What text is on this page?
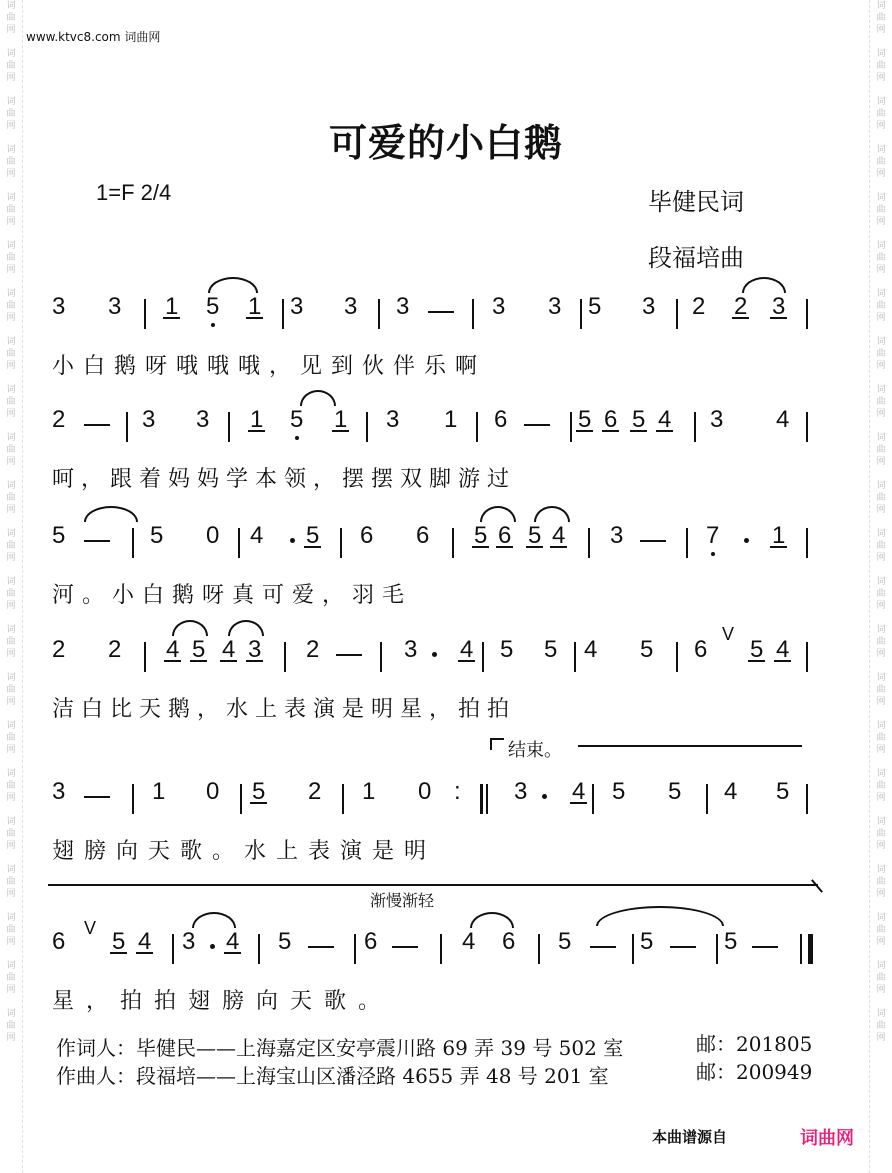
词
曲
网

词
曲
网

词
曲
网

词
曲
网

词
曲
网

词
曲
网

词
曲
网

词
曲
网

词
曲
网

词
曲
网

词
曲
网

词
曲
网

词
曲
网

词
曲
网

词
曲
网

词
曲
网

词
曲
网

词
曲
网

词
曲
网

词
曲
网

词
曲
网

词
曲
网

词
曲
网

词
曲
网

词
曲
网

词
曲
网

词
曲
网

词
曲
网

词
曲
网

词
曲
网

词
曲
网

词
曲
网

词
曲
网

词
曲
网

词
曲
网

词
曲
网

词
曲
网

词
曲
网

词
曲
网

词
曲
网

词
曲
网

词
曲
网

词
曲
网

词
曲
网

www.ktvc8.com 词曲网
可爱的小白鹅
1=F 2/4	毕健民词
段福培曲
3 3 1 5 1 3 3 3	3 3 5 3 2 2 3
小白鹅呀哦哦哦，见到伙伴乐啊
2	3 3 1 5 1 3 1 6	5 6 5 4 3 4
呵，跟着妈妈学本领，摆摆双脚游过
5	5 0 4 5 6 6 5 6 5 4 3	7 1
河。小白鹅呀真可爱，羽毛
2 2 4 5 4 3 2	3 4 5 5 4 5 6
V
5 4
洁白比天鹅，水上表演是明星，拍拍
结束。
3	1 0 5 2 1 0 : 3 4 5 5 4 5
翅膀向天歌。水上表演是明
渐慢渐轻
6 V 5 4 3 4 5	6	4 6 5	5	5
星，拍拍翅膀向天歌。
作词人：毕健民——上海嘉定区安亭震川路 69 弄 39 号 502 室	邮：201805
作曲人：段福培——上海宝山区潘泾路 4655 弄 48 号 201 室	邮：200949
本曲谱源自	词曲网
